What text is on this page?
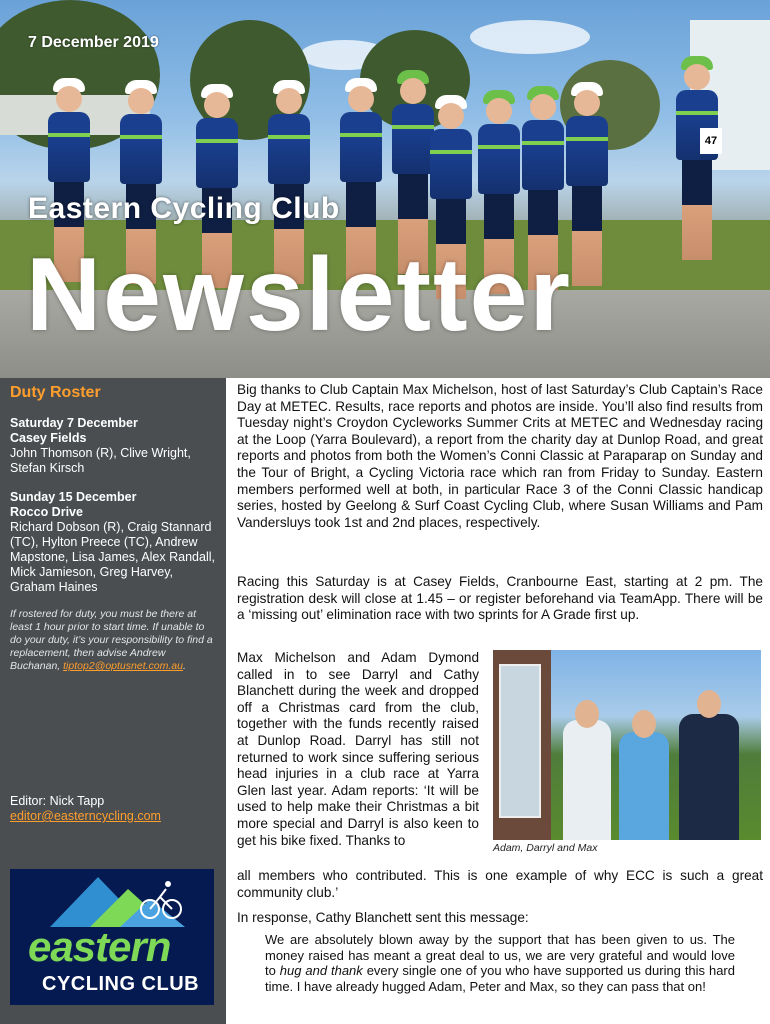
47
7 December 2019
Eastern Cycling Club
Newsletter
Duty Roster
Saturday 7 December
Casey Fields
John Thomson (R), Clive Wright, Stefan Kirsch
Sunday 15 December
Rocco Drive
Richard Dobson (R), Craig Stannard (TC), Hylton Preece (TC), Andrew Mapstone, Lisa James, Alex Randall, Mick Jamieson, Greg Harvey, Graham Haines
If rostered for duty, you must be there at least 1 hour prior to start time. If unable to do your duty, it’s your responsibility to find a replacement, then advise Andrew Buchanan, tiptop2@optusnet.com.au.
Editor: Nick Tapp
editor@easterncycling.com
eastern
CYCLING CLUB

Big thanks to Club Captain Max Michelson, host of last Saturday’s Club Captain’s Race Day at METEC. Results, race reports and photos are inside. You’ll also find results from Tuesday night’s Croydon Cycleworks Summer Crits at METEC and Wednesday racing at the Loop (Yarra Boulevard), a report from the charity day at Dunlop Road, and great reports and photos from both the Women’s Conni Classic at Paraparap on Sunday and the Tour of Bright, a Cycling Victoria race which ran from Friday to Sunday. Eastern members performed well at both, in particular Race 3 of the Conni Classic handicap series, hosted by Geelong & Surf Coast Cycling Club, where Susan Williams and Pam Vandersluys took 1st and 2nd places, respectively.

Racing this Saturday is at Casey Fields, Cranbourne East, starting at 2 pm. The registration desk will close at 1.45 – or register beforehand via TeamApp. There will be a ‘missing out’ elimination race with two sprints for A Grade first up.

Max Michelson and Adam Dymond called in to see Darryl and Cathy Blanchett during the week and dropped off a Christmas card from the club, together with the funds recently raised at Dunlop Road. Darryl has still not returned to work since suffering serious head injuries in a club race at Yarra Glen last year. Adam reports: ‘It will be used to help make their Christmas a bit more special and Darryl is also keen to get his bike fixed. Thanks to

all members who contributed. This is one example of why ECC is such a great community club.’

In response, Cathy Blanchett sent this message:

Adam, Darryl and Max

We are absolutely blown away by the support that has been given to us. The money raised has meant a great deal to us, we are very grateful and would love to hug and thank every single one of you who have supported us during this hard time. I have already hugged Adam, Peter and Max, so they can pass that on!
